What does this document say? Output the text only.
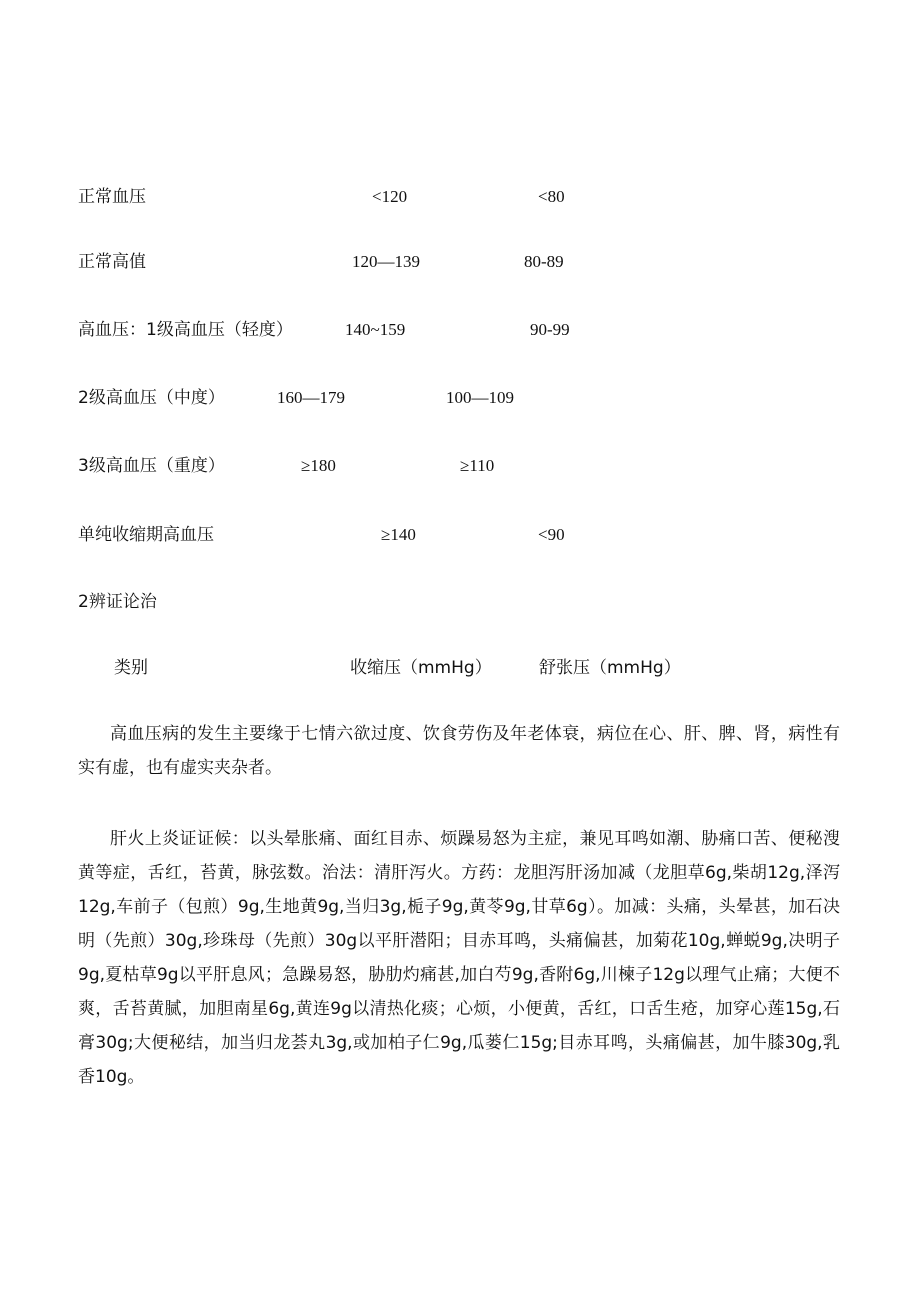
正常血压	<120	<80
正常高值	120—139	80-89
高血压：1级高血压（轻度）	140~159	90-99
2级高血压（中度）	160—179	100—109
3级高血压（重度）	≥180	≥110
单纯收缩期高血压	≥140	<90
2辨证论治
类别	收缩压（mmHg）	舒张压（mmHg）

高血压病的发生主要缘于七情六欲过度、饮食劳伤及年老体衰，病位在心、肝、脾、肾，病性有实有虚，也有虚实夹杂者。

肝火上炎证证候：以头晕胀痛、面红目赤、烦躁易怒为主症，兼见耳鸣如潮、胁痛口苦、便秘溲黄等症，舌红，苔黄，脉弦数。治法：清肝泻火。方药：龙胆泻肝汤加减（龙胆草6g,柴胡12g,泽泻12g,车前子（包煎）9g,生地黄9g,当归3g,栀子9g,黄苓9g,甘草6g）。加减：头痛，头晕甚，加石决明（先煎）30g,珍珠母（先煎）30g以平肝潜阳；目赤耳鸣，头痛偏甚，加菊花10g,蝉蜕9g,决明子9g,夏枯草9g以平肝息风；急躁易怒，胁肋灼痛甚,加白芍9g,香附6g,川楝子12g以理气止痛；大便不爽，舌苔黄腻，加胆南星6g,黄连9g以清热化痰；心烦，小便黄，舌红，口舌生疮，加穿心莲15g,石膏30g;大便秘结，加当归龙荟丸3g,或加柏子仁9g,瓜蒌仁15g;目赤耳鸣，头痛偏甚，加牛膝30g,乳香10g。
